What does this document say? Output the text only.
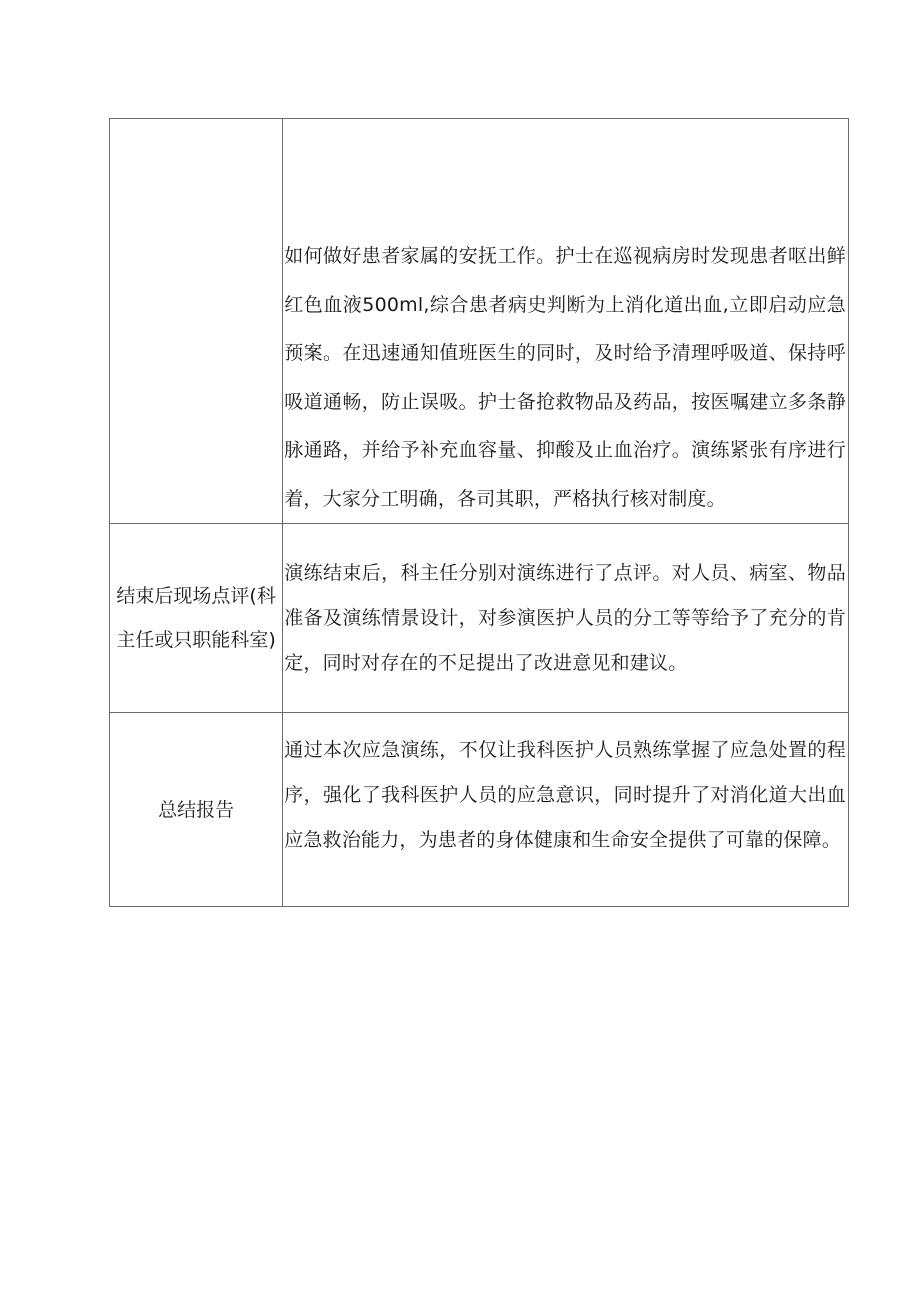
	如何做好患者家属的安抚工作。护士在巡视病房时发现患者呕出鲜红色血液500ml,综合患者病史判断为上消化道出血,立即启动应急预案。在迅速通知值班医生的同时，及时给予清理呼吸道、保持呼吸道通畅，防止误吸。护士备抢救物品及药品，按医嘱建立多条静脉通路，并给予补充血容量、抑酸及止血治疗。演练紧张有序进行着，大家分工明确，各司其职，严格执行核对制度。

结束后现场点评(科主任或只职能科室)	演练结束后，科主任分别对演练进行了点评。对人员、病室、物品准备及演练情景设计，对参演医护人员的分工等等给予了充分的肯定，同时对存在的不足提出了改进意见和建议。

总结报告	通过本次应急演练，不仅让我科医护人员熟练掌握了应急处置的程序，强化了我科医护人员的应急意识，同时提升了对消化道大出血应急救治能力，为患者的身体健康和生命安全提供了可靠的保障。
